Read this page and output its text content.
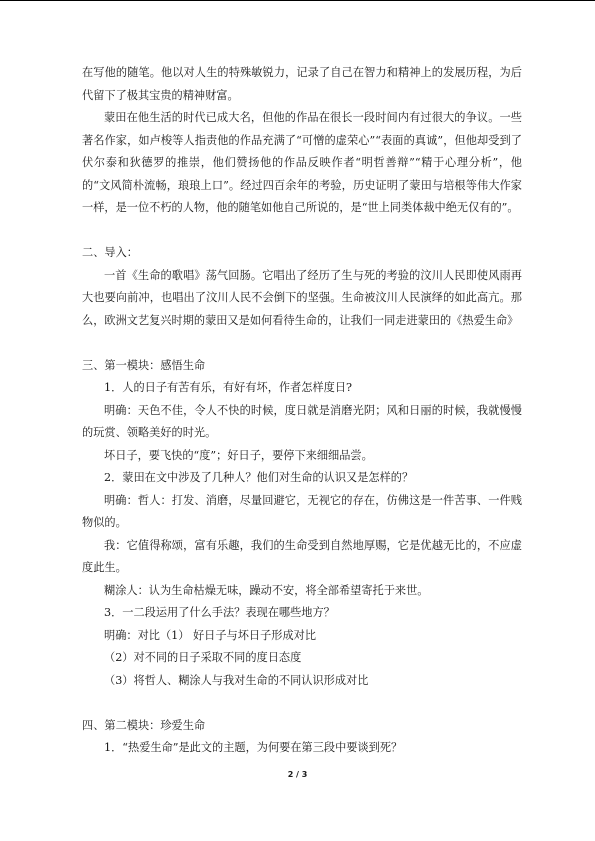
在写他的随笔。他以对人生的特殊敏锐力，记录了自己在智力和精神上的发展历程，为后代留下了极其宝贵的精神财富。

蒙田在他生活的时代已成大名，但他的作品在很长一段时间内有过很大的争议。一些著名作家，如卢梭等人指责他的作品充满了“可憎的虚荣心”“表面的真诚”，但他却受到了伏尔泰和狄德罗的推崇，他们赞扬他的作品反映作者“明哲善辩”“精于心理分析”，他的“文风简朴流畅，琅琅上口”。经过四百余年的考验，历史证明了蒙田与培根等伟大作家一样，是一位不朽的人物，他的随笔如他自己所说的，是“世上同类体裁中绝无仅有的”。

二、导入：

一首《生命的歌唱》荡气回肠。它唱出了经历了生与死的考验的汶川人民即使风雨再大也要向前冲，也唱出了汶川人民不会倒下的坚强。生命被汶川人民演绎的如此高亢。那么，欧洲文艺复兴时期的蒙田又是如何看待生命的，让我们一同走进蒙田的《热爱生命》

三、第一模块：感悟生命

1．人的日子有苦有乐，有好有坏，作者怎样度日?

明确：天色不佳，令人不快的时候，度日就是消磨光阴；风和日丽的时候，我就慢慢的玩赏、领略美好的时光。

坏日子，要飞快的“度”；好日子，要停下来细细品尝。

2．蒙田在文中涉及了几种人？他们对生命的认识又是怎样的？

明确：哲人：打发、消磨，尽量回避它，无视它的存在，仿佛这是一件苦事、一件贱物似的。

我：它值得称颂，富有乐趣，我们的生命受到自然地厚赐，它是优越无比的，不应虚度此生。

糊涂人：认为生命枯燥无味，躁动不安，将全部希望寄托于来世。

3．一二段运用了什么手法？表现在哪些地方？

明确：对比（1） 好日子与坏日子形成对比

（2）对不同的日子采取不同的度日态度

（3）将哲人、糊涂人与我对生命的不同认识形成对比

四、第二模块：珍爱生命

1．“热爱生命”是此文的主题，为何要在第三段中要谈到死？

2 / 3
